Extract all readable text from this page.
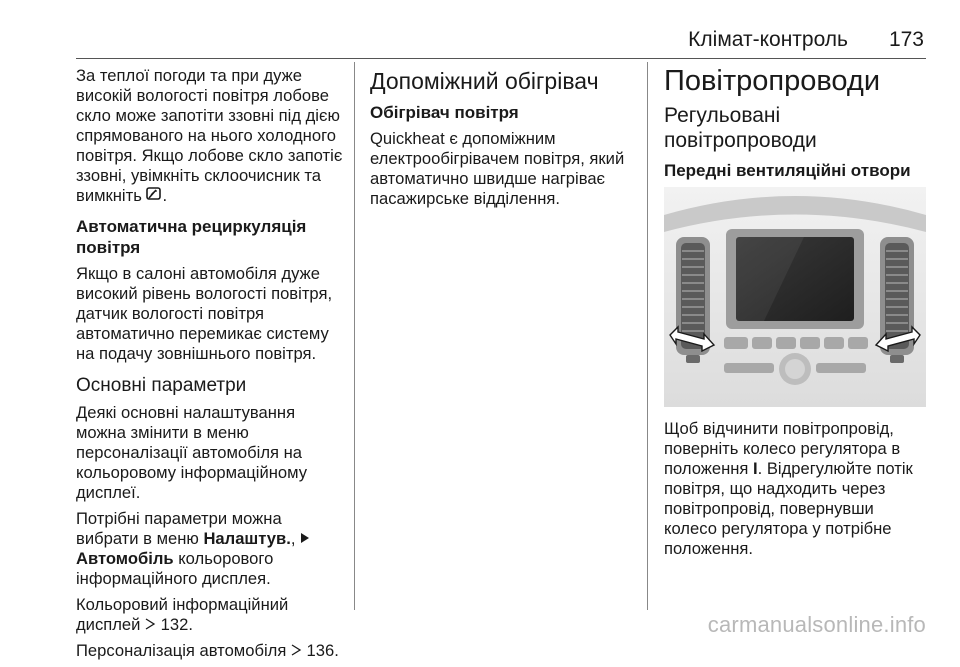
Клімат-контроль 173

За теплої погоди та при дуже високій вологості повітря лобове скло може запотіти ззовні під дією спрямованого на нього холодного повітря. Якщо лобове скло запотіє ззовні, увімкніть склоочисник та вимкніть .

Автоматична рециркуляція повітря

Якщо в салоні автомобіля дуже високий рівень вологості повітря, датчик вологості повітря автоматично перемикає систему на подачу зовнішнього повітря.

Основні параметри

Деякі основні налаштування можна змінити в меню персоналізації автомобіля на кольоровому інформаційному дисплеї.

Потрібні параметри можна вибрати в меню Налаштув.,  Автомобіль кольорового інформаційного дисплея.

Кольоровий інформаційний дисплей  132.

Персоналізація автомобіля  136.

Допоміжний обігрівач
Обігрівач повітря

Quickheat є допоміжним електрообігрівачем повітря, який автоматично швидше нагріває пасажирське відділення.

Повітропроводи
Регульовані повітропроводи
Передні вентиляційні отвори

Щоб відчинити повітропровід, поверніть колесо регулятора в положення I. Відрегулюйте потік повітря, що надходить через повітропровід, повернувши колесо регулятора у потрібне положення.

carmanualsonline.info
